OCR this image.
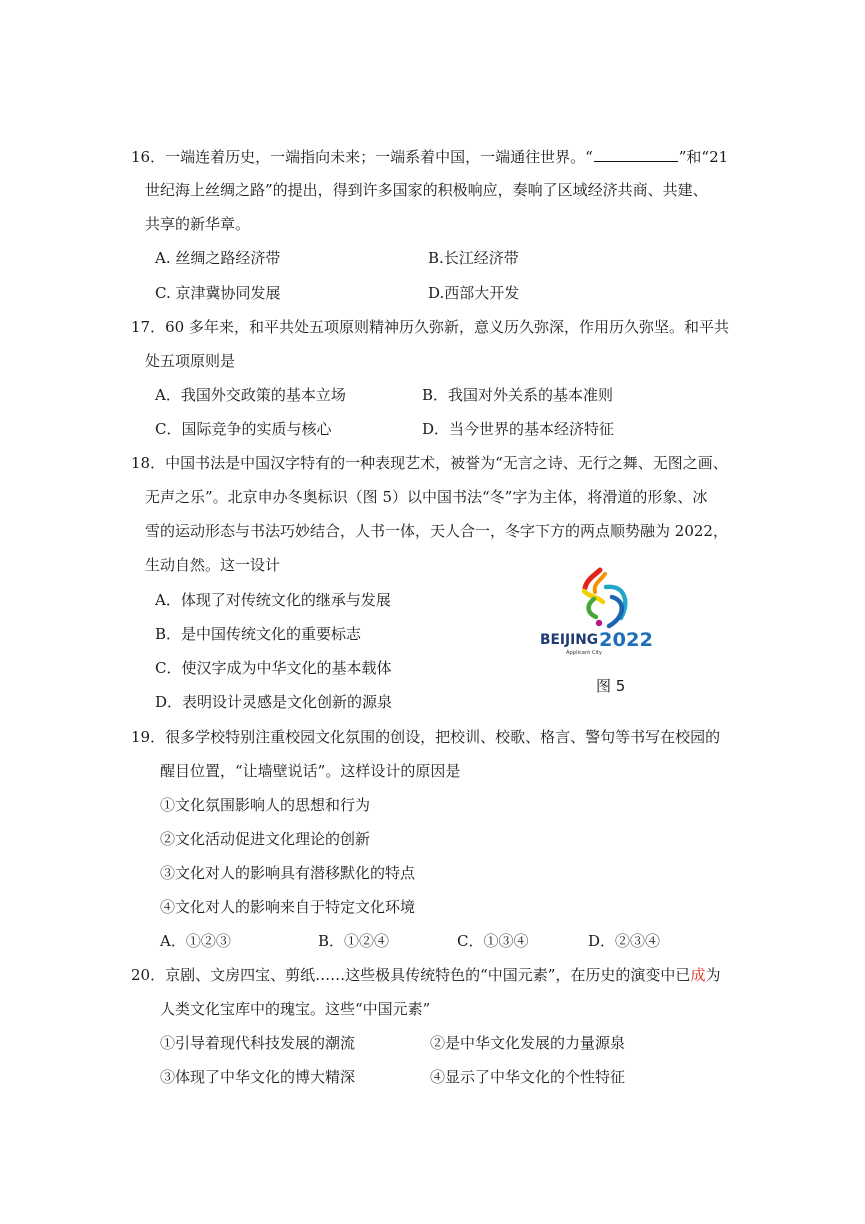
16．一端连着历史，一端指向未来；一端系着中国，一端通往世界。“	”和“21
世纪海上丝绸之路”的提出，得到许多国家的积极响应，奏响了区域经济共商、共建、
共享的新华章。
A. 丝绸之路经济带	B.长江经济带
C. 京津冀协同发展	D.西部大开发
17．60 多年来，和平共处五项原则精神历久弥新，意义历久弥深，作用历久弥坚。和平共
处五项原则是
A．我国外交政策的基本立场	B．我国对外关系的基本准则
C．国际竞争的实质与核心	D．当今世界的基本经济特征
18．中国书法是中国汉字特有的一种表现艺术，被誉为“无言之诗、无行之舞、无图之画、
无声之乐”。北京申办冬奥标识（图 5）以中国书法“冬”字为主体，将滑道的形象、冰
雪的运动形态与书法巧妙结合，人书一体，天人合一，冬字下方的两点顺势融为 2022，
生动自然。这一设计
A．体现了对传统文化的继承与发展
B．是中国传统文化的重要标志
C．使汉字成为中华文化的基本载体
D．表明设计灵感是文化创新的源泉
BEIJING 2022
Applicant City
图 5
19．很多学校特别注重校园文化氛围的创设，把校训、校歌、格言、警句等书写在校园的
醒目位置，“让墙壁说话”。这样设计的原因是
①文化氛围影响人的思想和行为
②文化活动促进文化理论的创新
③文化对人的影响具有潜移默化的特点
④文化对人的影响来自于特定文化环境
A．①②③	B．①②④	C．①③④	D．②③④
20．京剧、文房四宝、剪纸……这些极具传统特色的“中国元素”，在历史的演变中已成为
人类文化宝库中的瑰宝。这些“中国元素”
①引导着现代科技发展的潮流	②是中华文化发展的力量源泉
③体现了中华文化的博大精深	④显示了中华文化的个性特征
